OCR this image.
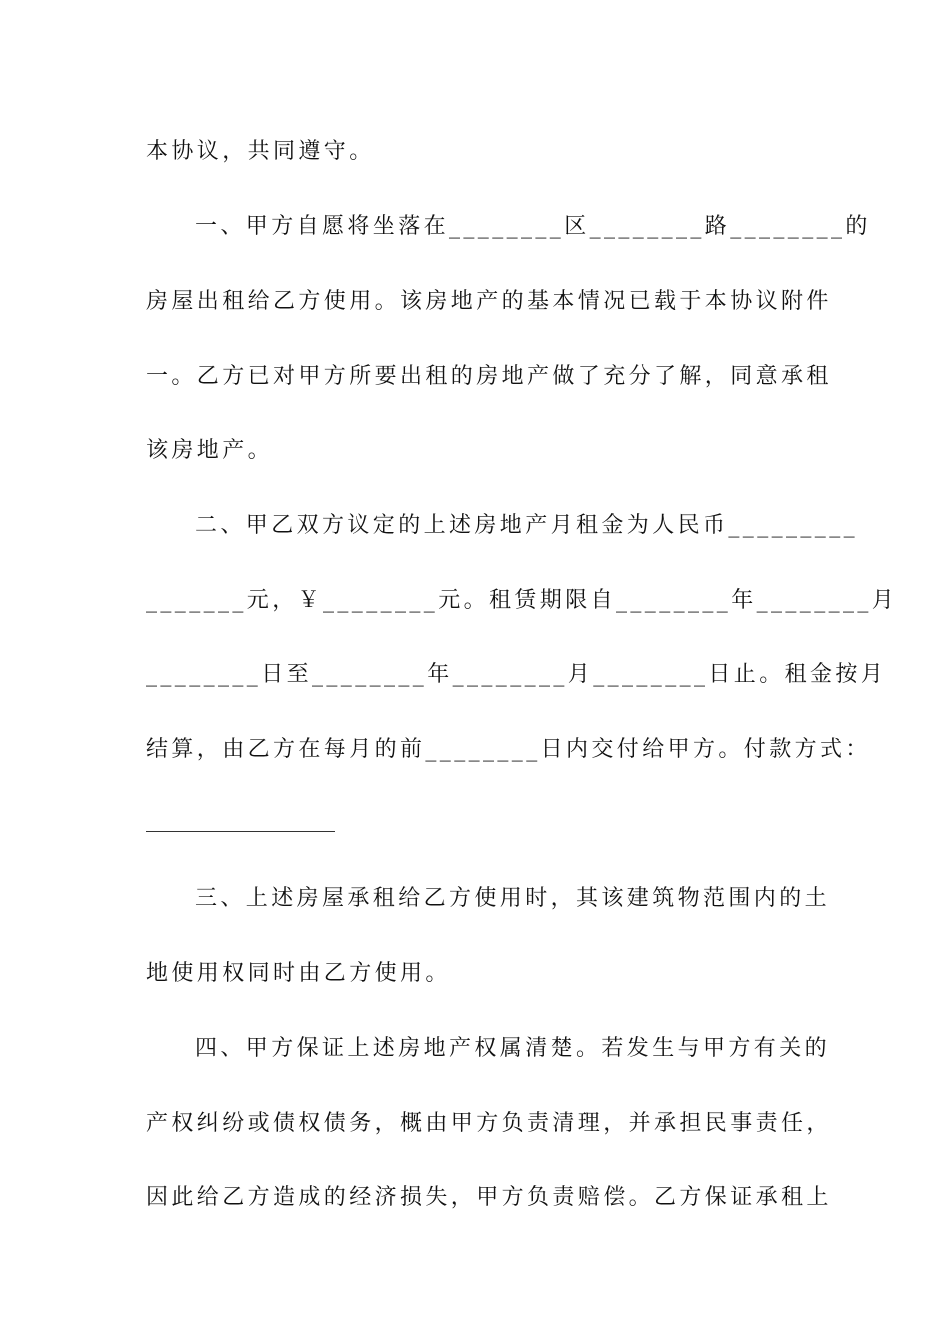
本协议，共同遵守。
一、甲方自愿将坐落在________区________路________的
房屋出租给乙方使用。该房地产的基本情况已载于本协议附件
一。乙方已对甲方所要出租的房地产做了充分了解，同意承租
该房地产。
二、甲乙双方议定的上述房地产月租金为人民币_________
_______元，￥________元。租赁期限自________年________月
________日至________年________月________日止。租金按月
结算，由乙方在每月的前________日内交付给甲方。付款方式：
三、上述房屋承租给乙方使用时，其该建筑物范围内的土
地使用权同时由乙方使用。
四、甲方保证上述房地产权属清楚。若发生与甲方有关的
产权纠纷或债权债务，概由甲方负责清理，并承担民事责任，
因此给乙方造成的经济损失，甲方负责赔偿。乙方保证承租上
